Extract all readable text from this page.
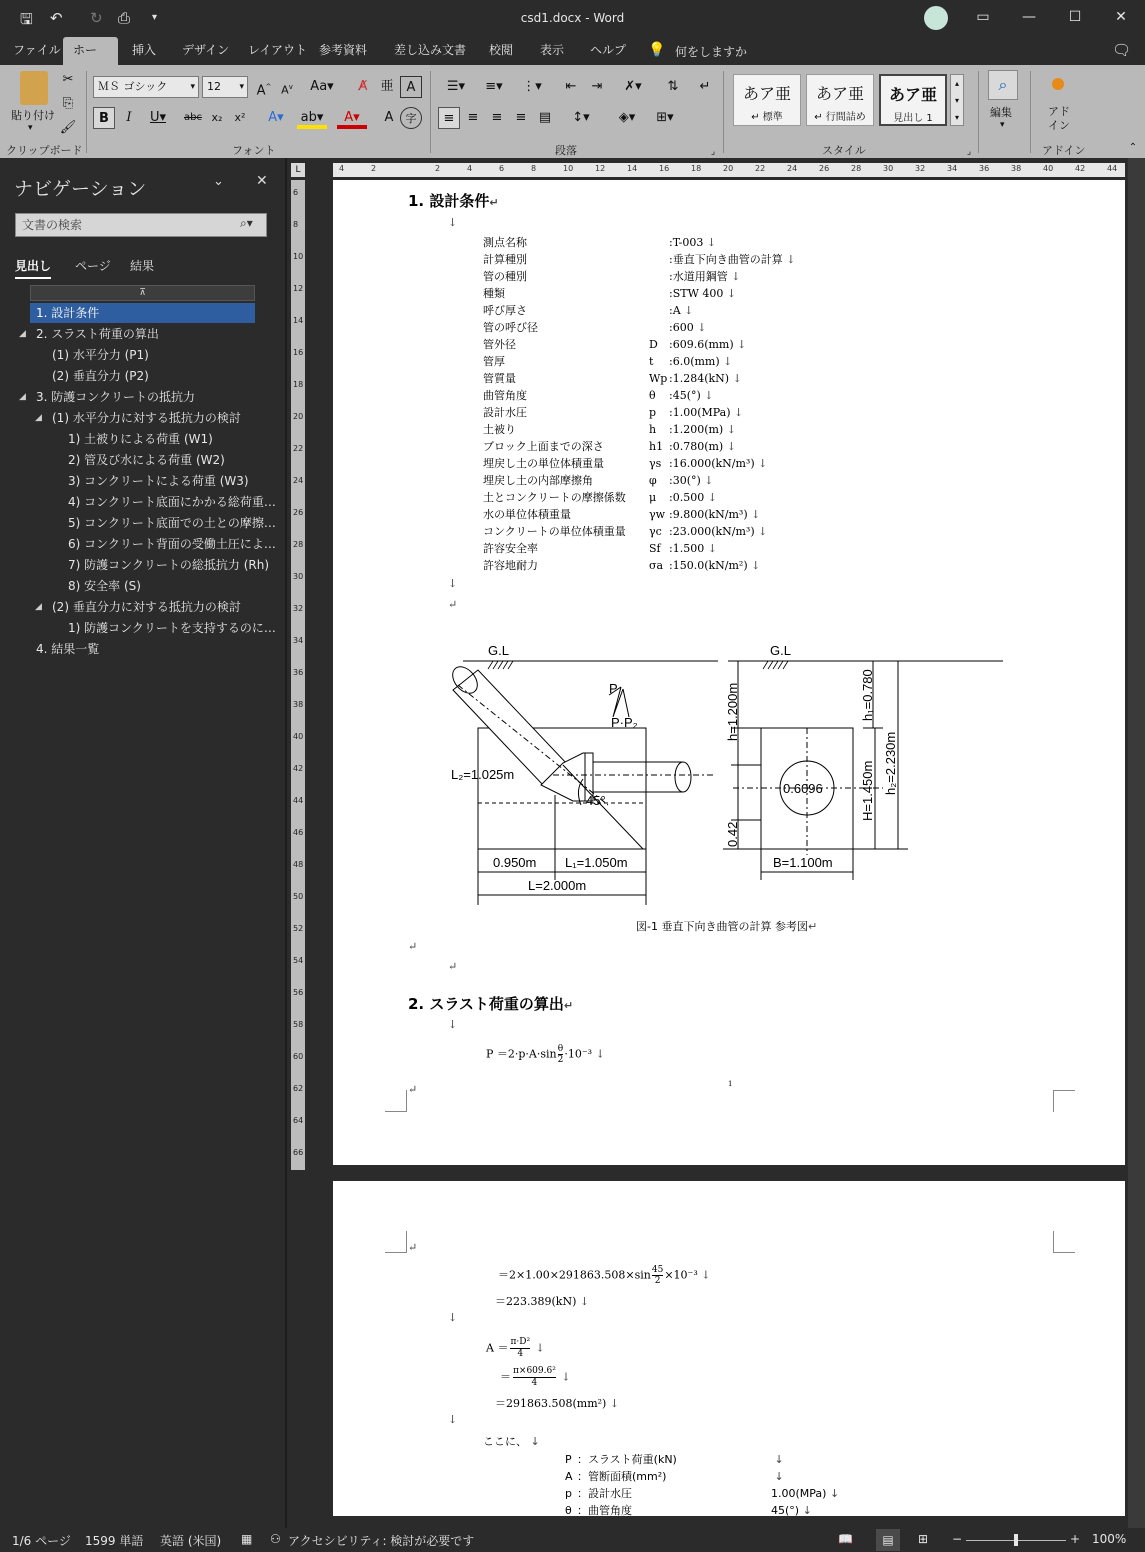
🖫 ↶ ↻ ⎙ ▾	csd1.docx - Word	▭	—	☐	✕
ファイル	ホー	挿入	デザイン	レイアウト 参考資料	差し込み文書	校閲	表示	ヘルプ	💡 何をしますか	🗨
貼り付け
▾
✂
⎘
🖌
クリップボード
ＭＳ ゴシック	▾	12 ▾ A^ $A^v$	Aa▾	A̸	亜	A
B	I	U▾	abc x₂	x²	A▾	ab▾	A▾	A	字
フォント
☰▾	≡▾	⋮▾	⇤	⇥	✗▾	⇅	↵
≡	≡	≡	≡ ▤	↕▾	◈▾	⊞▾
段落	⌟
あア亜
↵ 標準
あア亜
↵ 行間詰め
あア亜
見出し 1
▴
▾
▾
スタイル	⌟
⌕
編集
▾
アド
イン
アドイン	⌃
ナビゲーション	⌄ ✕
文書の検索	⌕▾
見出し ページ 結果
⊼
1. 設計条件
2. スラスト荷重の算出
◢
(1) 水平分力 (P1)
(2) 垂直分力 (P2)
3. 防護コンクリートの抵抗力
◢
(1) 水平分力に対する抵抗力の検討
◢
1) 土被りによる荷重 (W1)
2) 管及び水による荷重 (W2)
3) コンクリートによる荷重 (W3)
4) コンクリート底面にかかる総荷重…
5) コンクリート底面での土との摩擦…
6) コンクリート背面の受働土圧によ…
7) 防護コンクリートの総抵抗力 (Rh)
8) 安全率 (S)
(2) 垂直分力に対する抵抗力の検討
◢
1) 防護コンクリートを支持するのに…
4. 結果一覧
L	4	2	2	4	6	8	10	12	14	16	18	20	22	24	26	28	30	32	34	36	38	40	42	44
6
8
10
12
14
16
18
20
22
24
26
28
30
32
34
36
38
40
42
44
46
48
50
52
54
56
58
60
62
64
66
1. 設計条件↵
↓
測点名称	:T-003 ↓
計算種別	:垂直下向き曲管の計算 ↓
管の種別	:水道用鋼管 ↓
種類	:STW 400 ↓
呼び厚さ	:A ↓
管の呼び径	:600 ↓
管外径	D :609.6(mm) ↓
管厚	t :6.0(mm) ↓
管質量	Wp :1.284(kN) ↓
曲管角度	θ :45(°) ↓
設計水圧	p :1.00(MPa) ↓
土被り	h :1.200(m) ↓
ブロック上面までの深さ	h1 :0.780(m) ↓
埋戻し土の単位体積重量	γs :16.000(kN/m³) ↓
埋戻し土の内部摩擦角	φ :30(°) ↓
土とコンクリートの摩擦係数 μ :0.500 ↓
水の単位体積重量	γw :9.800(kN/m³) ↓
コンクリートの単位体積重量 γc :23.000(kN/m³) ↓
許容安全率	Sf :1.500 ↓
許容地耐力	σa :150.0(kN/m²) ↓
↓
↵
G.L	G.L
P
P·P₂
L₂=1.025m
45°
0.950m L₁=1.050m
L=2.000m
0.6096
B=1.100m
h=1.200m
0.42
h₁=0.780
H=1.450m h₂=2.230m
図-1 垂直下向き曲管の計算 参考図↵
↵
↵
2. スラスト荷重の算出↵
↓
$P =2\cdot p\cdot A\cdot\sin \frac{\theta}{2} \cdot 10^{-3}$ ↓
1
↵
↵
$=2\times 1.00\times 291863.508\times\sin \frac{45}{2} \times 10^{-3}$ ↓
＝223.389(kN) ↓
↓
$A = \frac{\text{π·D²}}{4}$ ↓
＝ $\frac{\text{π×609.6²}}{4}$ ↓
＝291863.508(mm²) ↓
↓
ここに、 ↓
P ：スラスト荷重(kN)	↓
A ：管断面積(mm²)	↓
p ：設計水圧	1.00(MPa) ↓
θ ：曲管角度	45(°) ↓
1/6 ページ 1599 単語 英語 (米国) ▦ ⚇ アクセシビリティ: 検討が必要です	📖	▤	⊞ −	+ 100%
